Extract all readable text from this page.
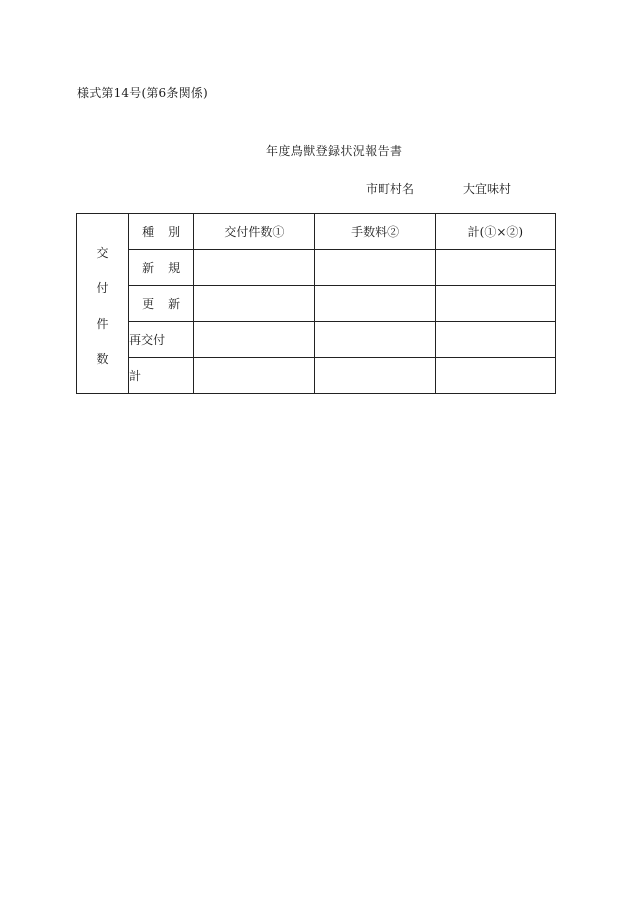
様式第14号(第6条関係)
年度鳥獣登録状況報告書
市町村名	大宜味村
交付件数	種別	交付件数①	手数料②	計(①×②)
	新規			
	更新			
	再交付			
	計			
